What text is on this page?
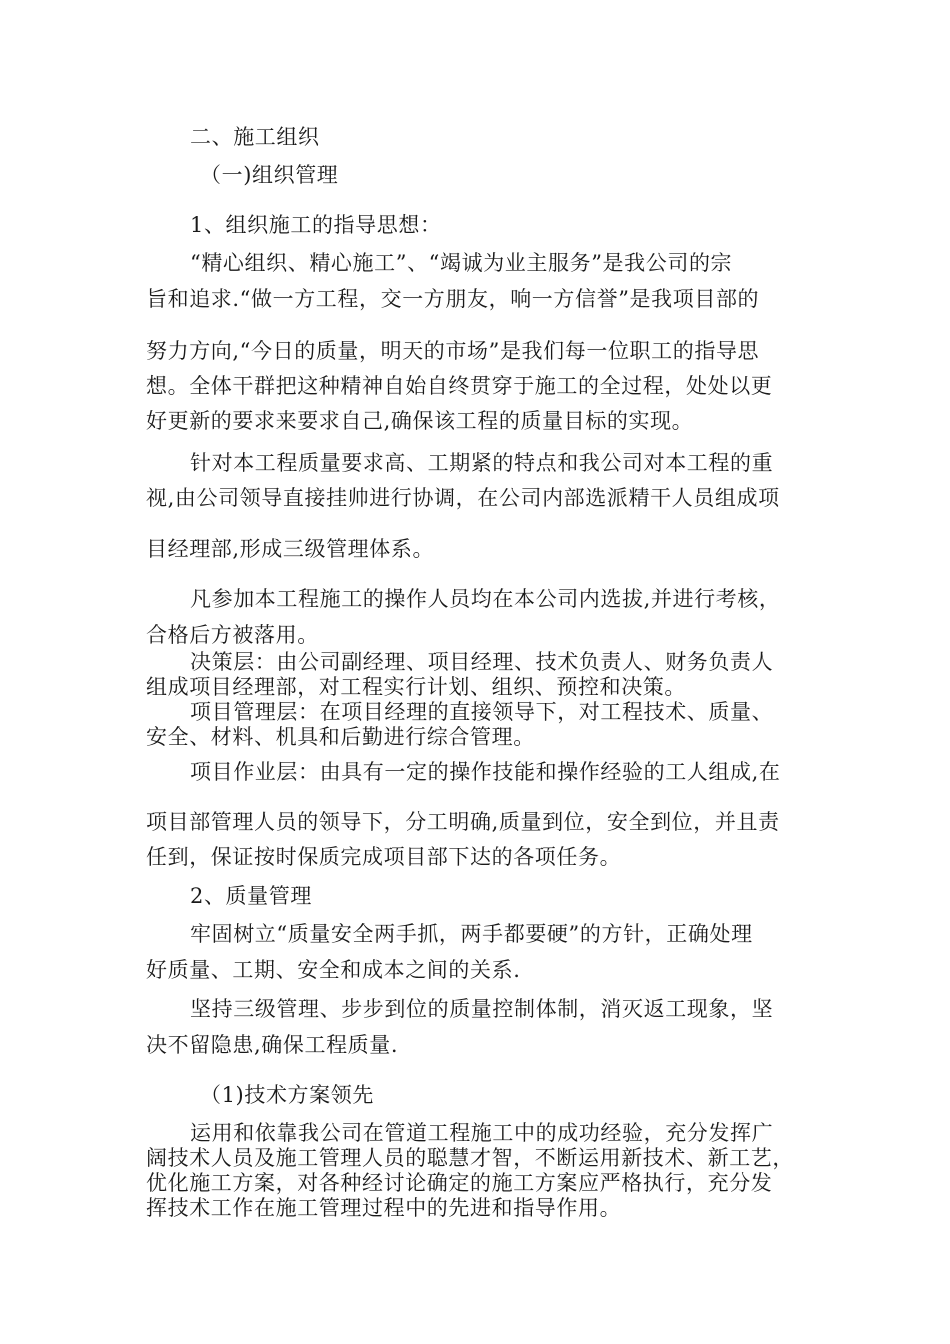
二、施工组织
（一)组织管理
1、组织施工的指导思想：
“精心组织、精心施工”、“竭诚为业主服务”是我公司的宗
旨和追求.“做一方工程，交一方朋友，响一方信誉”是我项目部的
努力方向,“今日的质量，明天的市场”是我们每一位职工的指导思
想。全体干群把这种精神自始自终贯穿于施工的全过程，处处以更
好更新的要求来要求自己,确保该工程的质量目标的实现。
针对本工程质量要求高、工期紧的特点和我公司对本工程的重
视,由公司领导直接挂帅进行协调，在公司内部选派精干人员组成项
目经理部,形成三级管理体系。
凡参加本工程施工的操作人员均在本公司内选拔,并进行考核，
合格后方被落用。
决策层：由公司副经理、项目经理、技术负责人、财务负责人
组成项目经理部，对工程实行计划、组织、预控和决策。
项目管理层：在项目经理的直接领导下，对工程技术、质量、
安全、材料、机具和后勤进行综合管理。
项目作业层：由具有一定的操作技能和操作经验的工人组成,在
项目部管理人员的领导下，分工明确,质量到位，安全到位，并且责
任到，保证按时保质完成项目部下达的各项任务。
2、质量管理
牢固树立“质量安全两手抓，两手都要硬”的方针，正确处理
好质量、工期、安全和成本之间的关系.
坚持三级管理、步步到位的质量控制体制，消灭返工现象，坚
决不留隐患,确保工程质量.
（1)技术方案领先
运用和依靠我公司在管道工程施工中的成功经验，充分发挥广
阔技术人员及施工管理人员的聪慧才智，不断运用新技术、新工艺，
优化施工方案，对各种经讨论确定的施工方案应严格执行，充分发
挥技术工作在施工管理过程中的先进和指导作用。
